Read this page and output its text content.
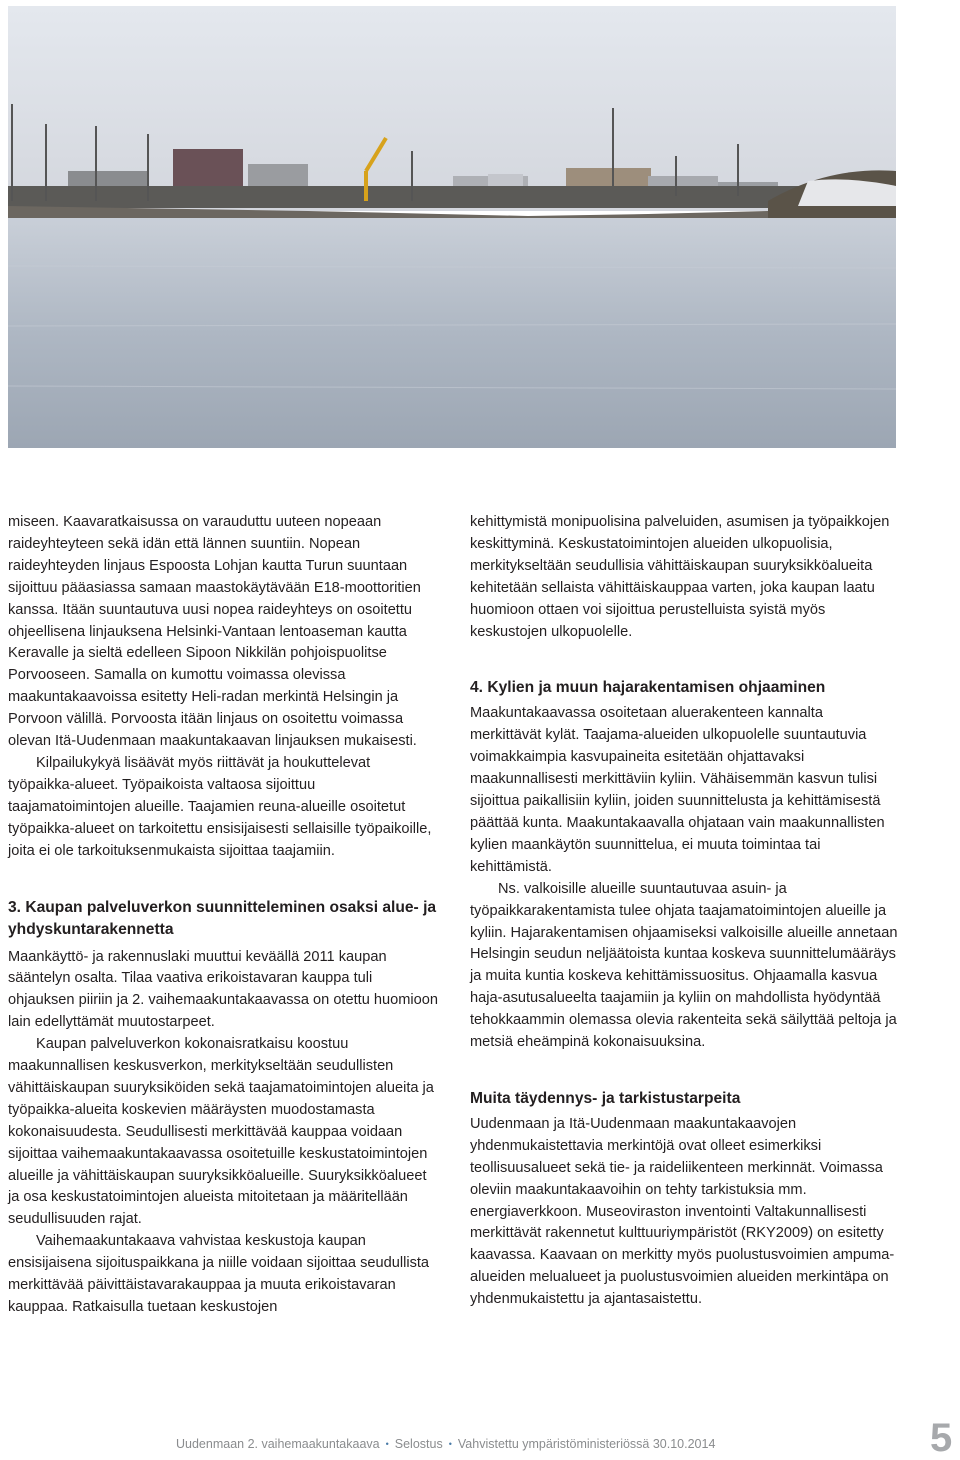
miseen. Kaavaratkaisussa on varauduttu uuteen nopeaan raideyhteyteen sekä idän että lännen suuntiin. Nopean raideyhteyden linjaus Espoosta Lohjan kautta Turun suuntaan sijoittuu pääasiassa samaan maastokäytävään E18-moottoritien kanssa. Itään suuntautuva uusi nopea raideyhteys on osoitettu ohjeellisena linjauksena Helsinki-Vantaan lentoaseman kautta Keravalle ja sieltä edelleen Sipoon Nikkilän pohjoispuolitse Porvooseen. Samalla on kumottu voimassa olevissa maakuntakaavoissa esitetty Heli-radan merkintä Helsingin ja Porvoon välillä. Porvoosta itään linjaus on osoitettu voimassa olevan Itä-Uudenmaan maakuntakaavan linjauksen mukaisesti.

Kilpailukykyä lisäävät myös riittävät ja houkuttelevat työpaikka-alueet. Työpaikoista valtaosa sijoittuu taajamatoimintojen alueille. Taajamien reuna-alueille osoitetut työpaikka-alueet on tarkoitettu ensisijaisesti sellaisille työpaikoille, joita ei ole tarkoituksenmukaista sijoittaa taajamiin.

3. Kaupan palveluverkon suunnitteleminen osaksi alue- ja yhdyskuntarakennetta

Maankäyttö- ja rakennuslaki muuttui keväällä 2011 kaupan sääntelyn osalta. Tilaa vaativa erikoistavaran kauppa tuli ohjauksen piiriin ja 2. vaihemaakuntakaavassa on otettu huomioon lain edellyttämät muutostarpeet.

Kaupan palveluverkon kokonaisratkaisu koostuu maakunnallisen keskusverkon, merkitykseltään seudullisten vähittäiskaupan suuryksiköiden sekä taajamatoimintojen alueita ja työpaikka-alueita koskevien määräysten muodostamasta kokonaisuudesta. Seudullisesti merkittävää kauppaa voidaan sijoittaa vaihemaakuntakaavassa osoitetuille keskustatoimintojen alueille ja vähittäiskaupan suuryksikköalueille. Suuryksikköalueet ja osa keskustatoimintojen alueista mitoitetaan ja määritellään seudullisuuden rajat.

Vaihemaakuntakaava vahvistaa keskustoja kaupan ensisijaisena sijoituspaikkana ja niille voidaan sijoittaa seudullista merkittävää päivittäistavarakauppaa ja muuta erikoistavaran kauppaa. Ratkaisulla tuetaan keskustojen

kehittymistä monipuolisina palveluiden, asumisen ja työpaikkojen keskittyminä. Keskustatoimintojen alueiden ulkopuolisia, merkitykseltään seudullisia vähittäiskaupan suuryksikköalueita kehitetään sellaista vähittäiskauppaa varten, joka kaupan laatu huomioon ottaen voi sijoittua perustelluista syistä myös keskustojen ulkopuolelle.

4. Kylien ja muun hajarakentamisen ohjaaminen

Maakuntakaavassa osoitetaan aluerakenteen kannalta merkittävät kylät. Taajama-alueiden ulkopuolelle suuntautuvia voimakkaimpia kasvupaineita esitetään ohjattavaksi maakunnallisesti merkittäviin kyliin. Vähäisemmän kasvun tulisi sijoittua paikallisiin kyliin, joiden suunnittelusta ja kehittämisestä päättää kunta. Maakuntakaavalla ohjataan vain maakunnallisten kylien maankäytön suunnittelua, ei muuta toimintaa tai kehittämistä.

Ns. valkoisille alueille suuntautuvaa asuin- ja työpaikkarakentamista tulee ohjata taajamatoimintojen alueille ja kyliin. Hajarakentamisen ohjaamiseksi valkoisille alueille annetaan Helsingin seudun neljäätoista kuntaa koskeva suunnittelumääräys ja muita kuntia koskeva kehittämissuositus. Ohjaamalla kasvua haja-asutusalueelta taajamiin ja kyliin on mahdollista hyödyntää tehokkaammin olemassa olevia rakenteita sekä säilyttää peltoja ja metsiä eheämpinä kokonaisuuksina.

Muita täydennys- ja tarkistustarpeita

Uudenmaan ja Itä-Uudenmaan maakuntakaavojen yhdenmukaistettavia merkintöjä ovat olleet esimerkiksi teollisuusalueet sekä tie- ja raideliikenteen merkinnät. Voimassa oleviin maakuntakaavoihin on tehty tarkistuksia mm. energiaverkkoon. Museoviraston inventointi Valtakunnallisesti merkittävät rakennetut kulttuuriympäristöt (RKY2009) on esitetty kaavassa. Kaavaan on merkitty myös puolustusvoimien ampuma-alueiden melualueet ja puolustusvoimien alueiden merkintäpa on yhdenmukaistettu ja ajantasaistettu.

Uudenmaan 2. vaihemaakuntakaava • Selostus • Vahvistettu ympäristöministeriössä 30.10.2014	5
